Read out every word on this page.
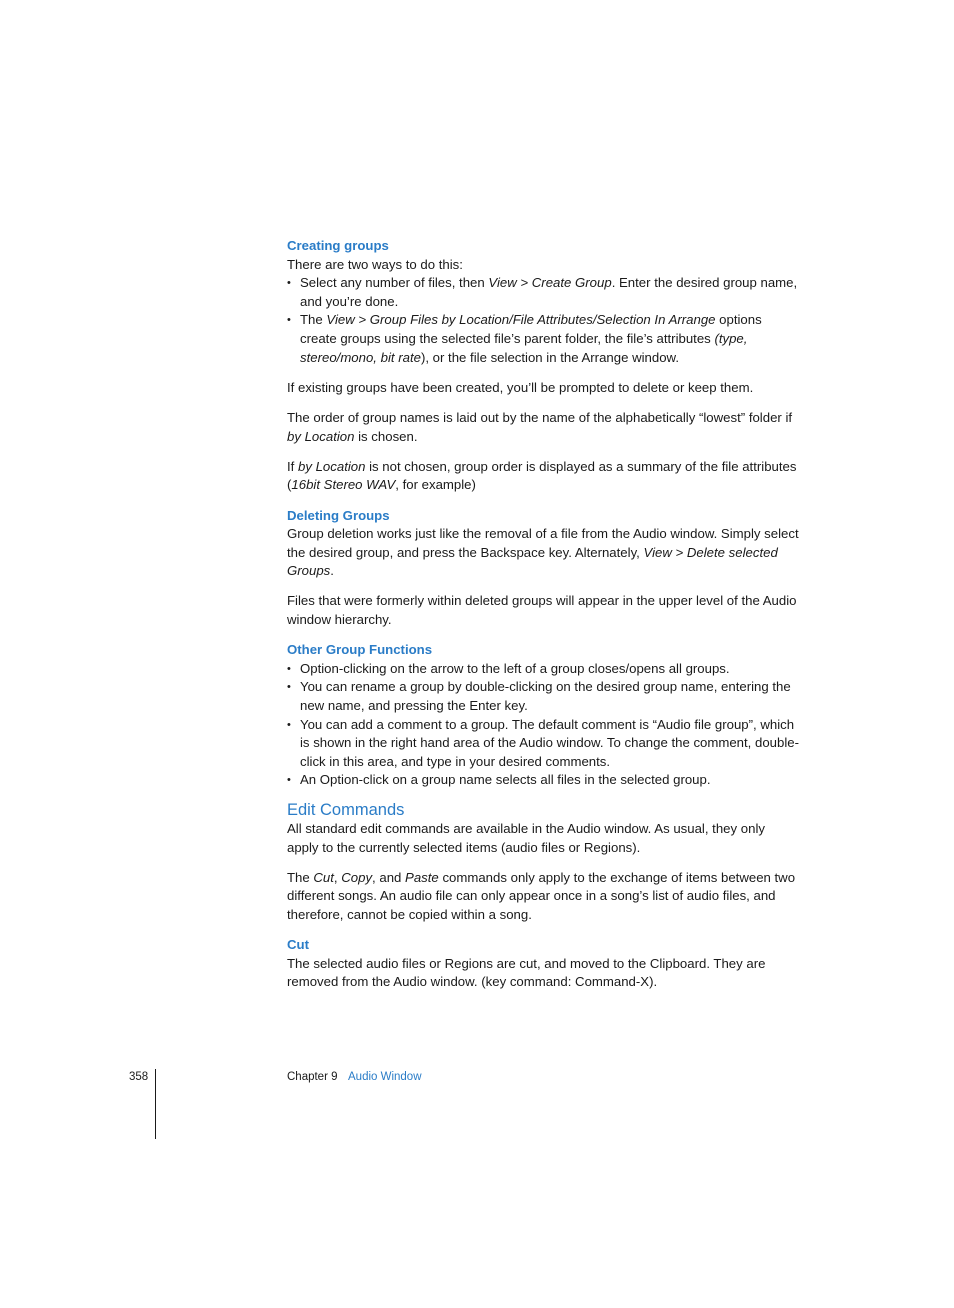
Creating groups

There are two ways to do this:

• Select any number of files, then View > Create Group. Enter the desired group name, and you’re done.
• The View > Group Files by Location/File Attributes/Selection In Arrange options create groups using the selected file’s parent folder, the file’s attributes (type, stereo/mono, bit rate), or the file selection in the Arrange window.

If existing groups have been created, you’ll be prompted to delete or keep them.

The order of group names is laid out by the name of the alphabetically “lowest” folder if by Location is chosen.

If by Location is not chosen, group order is displayed as a summary of the file attributes (16bit Stereo WAV, for example)

Deleting Groups

Group deletion works just like the removal of a file from the Audio window. Simply select the desired group, and press the Backspace key. Alternately, View > Delete selected Groups.

Files that were formerly within deleted groups will appear in the upper level of the Audio window hierarchy.

Other Group Functions
• Option-clicking on the arrow to the left of a group closes/opens all groups.
• You can rename a group by double-clicking on the desired group name, entering the new name, and pressing the Enter key.
• You can add a comment to a group. The default comment is “Audio file group”, which is shown in the right hand area of the Audio window. To change the comment, double-click in this area, and type in your desired comments.
• An Option-click on a group name selects all files in the selected group.
Edit Commands

All standard edit commands are available in the Audio window. As usual, they only apply to the currently selected items (audio files or Regions).

The Cut, Copy, and Paste commands only apply to the exchange of items between two different songs. An audio file can only appear once in a song’s list of audio files, and therefore, cannot be copied within a song.

Cut

The selected audio files or Regions are cut, and moved to the Clipboard. They are removed from the Audio window. (key command: Command-X).

358	Chapter 9 Audio Window
